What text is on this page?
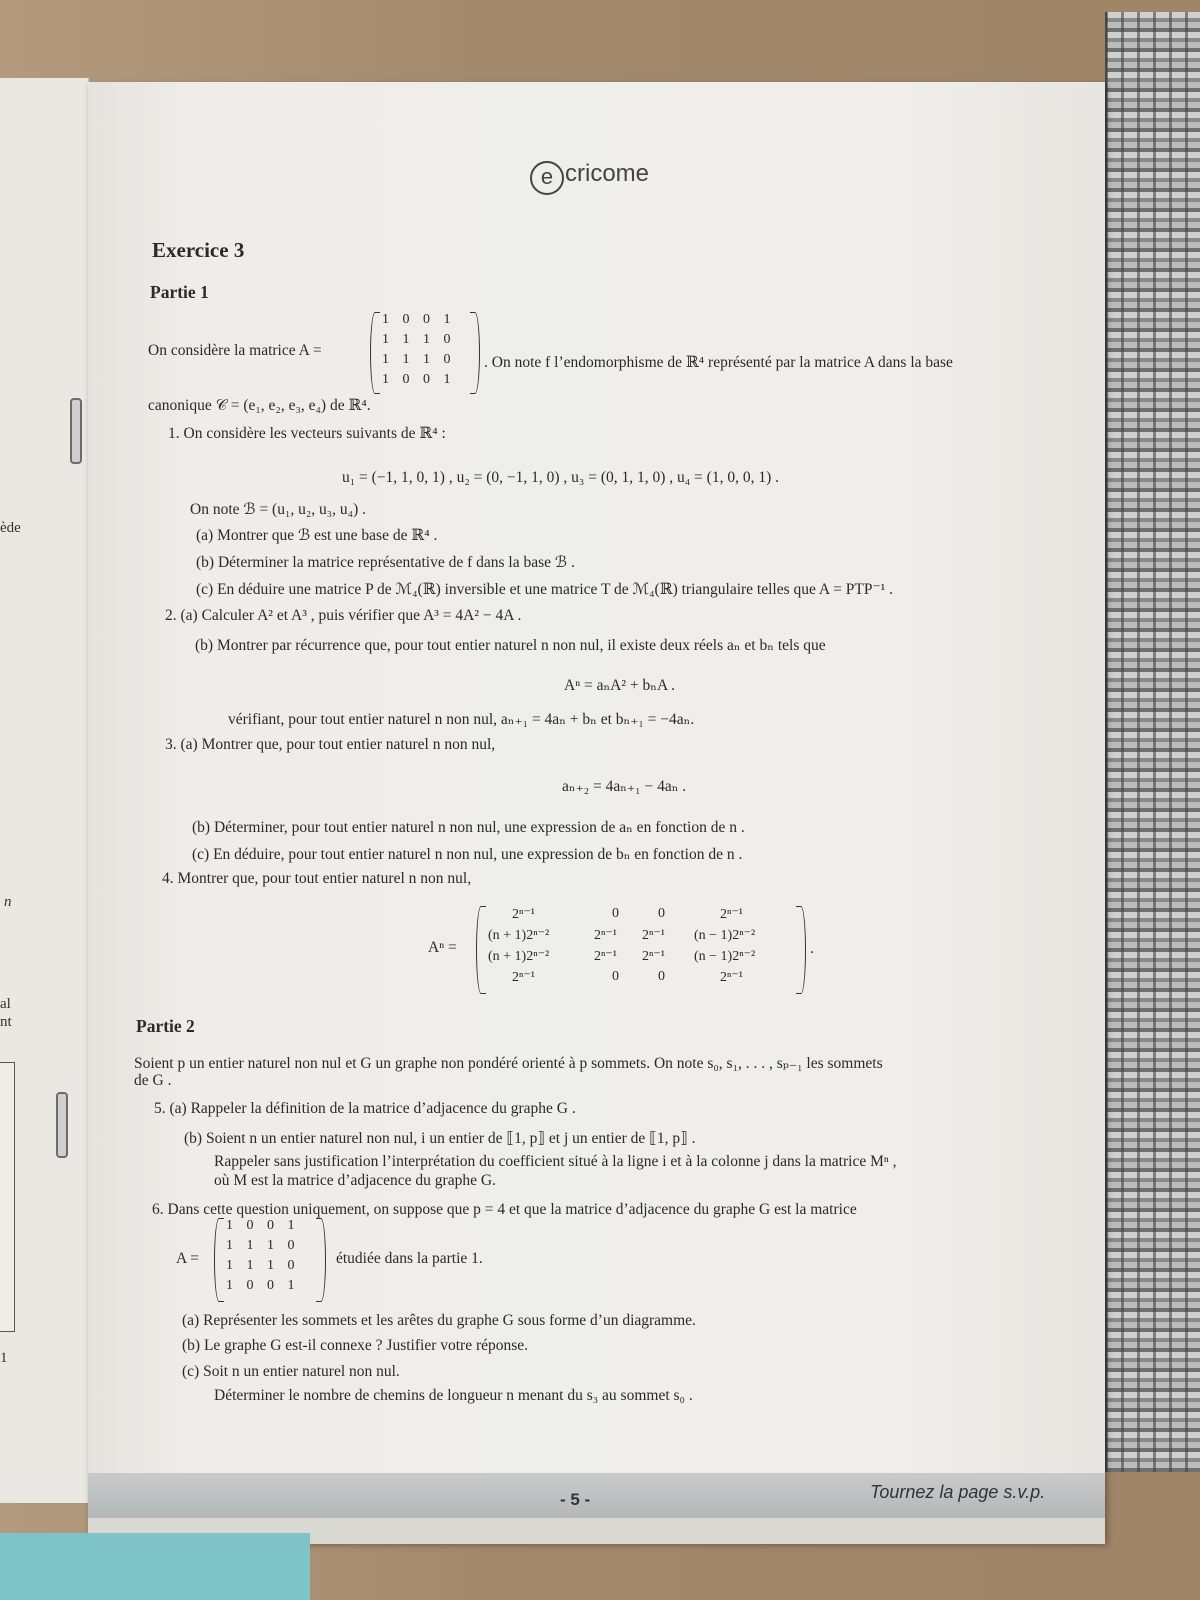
ède
n
al
nt
1
e cricome
Exercice 3
Partie 1
On considère la matrice A =
1 0 0 1
1 1 1 0
1 1 1 0
1 0 0 1
. On note f l’endomorphisme de ℝ⁴ représenté par la matrice A dans la base
canonique 𝒞 = (e₁, e₂, e₃, e₄) de ℝ⁴.
1. On considère les vecteurs suivants de ℝ⁴ :
u₁ = (−1, 1, 0, 1) , u₂ = (0, −1, 1, 0) , u₃ = (0, 1, 1, 0) , u₄ = (1, 0, 0, 1) .
On note ℬ = (u₁, u₂, u₃, u₄) .
(a) Montrer que ℬ est une base de ℝ⁴ .
(b) Déterminer la matrice représentative de f dans la base ℬ .
(c) En déduire une matrice P de ℳ₄(ℝ) inversible et une matrice T de ℳ₄(ℝ) triangulaire telles que A = PTP⁻¹ .
2. (a) Calculer A² et A³ , puis vérifier que A³ = 4A² − 4A .
(b) Montrer par récurrence que, pour tout entier naturel n non nul, il existe deux réels aₙ et bₙ tels que
Aⁿ = aₙA² + bₙA .
vérifiant, pour tout entier naturel n non nul, aₙ₊₁ = 4aₙ + bₙ et bₙ₊₁ = −4aₙ.
3. (a) Montrer que, pour tout entier naturel n non nul,
aₙ₊₂ = 4aₙ₊₁ − 4aₙ .
(b) Déterminer, pour tout entier naturel n non nul, une expression de aₙ en fonction de n .
(c) En déduire, pour tout entier naturel n non nul, une expression de bₙ en fonction de n .
4. Montrer que, pour tout entier naturel n non nul,
Aⁿ =
2ⁿ⁻¹	0	0	2ⁿ⁻¹
(n + 1)2ⁿ⁻²	2ⁿ⁻¹ 2ⁿ⁻¹ (n − 1)2ⁿ⁻²
(n + 1)2ⁿ⁻²	2ⁿ⁻¹ 2ⁿ⁻¹ (n − 1)2ⁿ⁻²
2ⁿ⁻¹	0	0	2ⁿ⁻¹
.
Partie 2
Soient p un entier naturel non nul et G un graphe non pondéré orienté à p sommets. On note s₀, s₁, . . . , sₚ₋₁ les sommets
de G .
5. (a) Rappeler la définition de la matrice d’adjacence du graphe G .
(b) Soient n un entier naturel non nul, i un entier de ⟦1, p⟧ et j un entier de ⟦1, p⟧ .
Rappeler sans justification l’interprétation du coefficient situé à la ligne i et à la colonne j dans la matrice Mⁿ ,
où M est la matrice d’adjacence du graphe G.
6. Dans cette question uniquement, on suppose que p = 4 et que la matrice d’adjacence du graphe G est la matrice
A =
1 0 0 1
1 1 1 0
1 1 1 0
1 0 0 1
étudiée dans la partie 1.
(a) Représenter les sommets et les arêtes du graphe G sous forme d’un diagramme.
(b) Le graphe G est-il connexe ? Justifier votre réponse.
(c) Soit n un entier naturel non nul.
Déterminer le nombre de chemins de longueur n menant du s₃ au sommet s₀ .
- 5 -	Tournez la page s.v.p.
